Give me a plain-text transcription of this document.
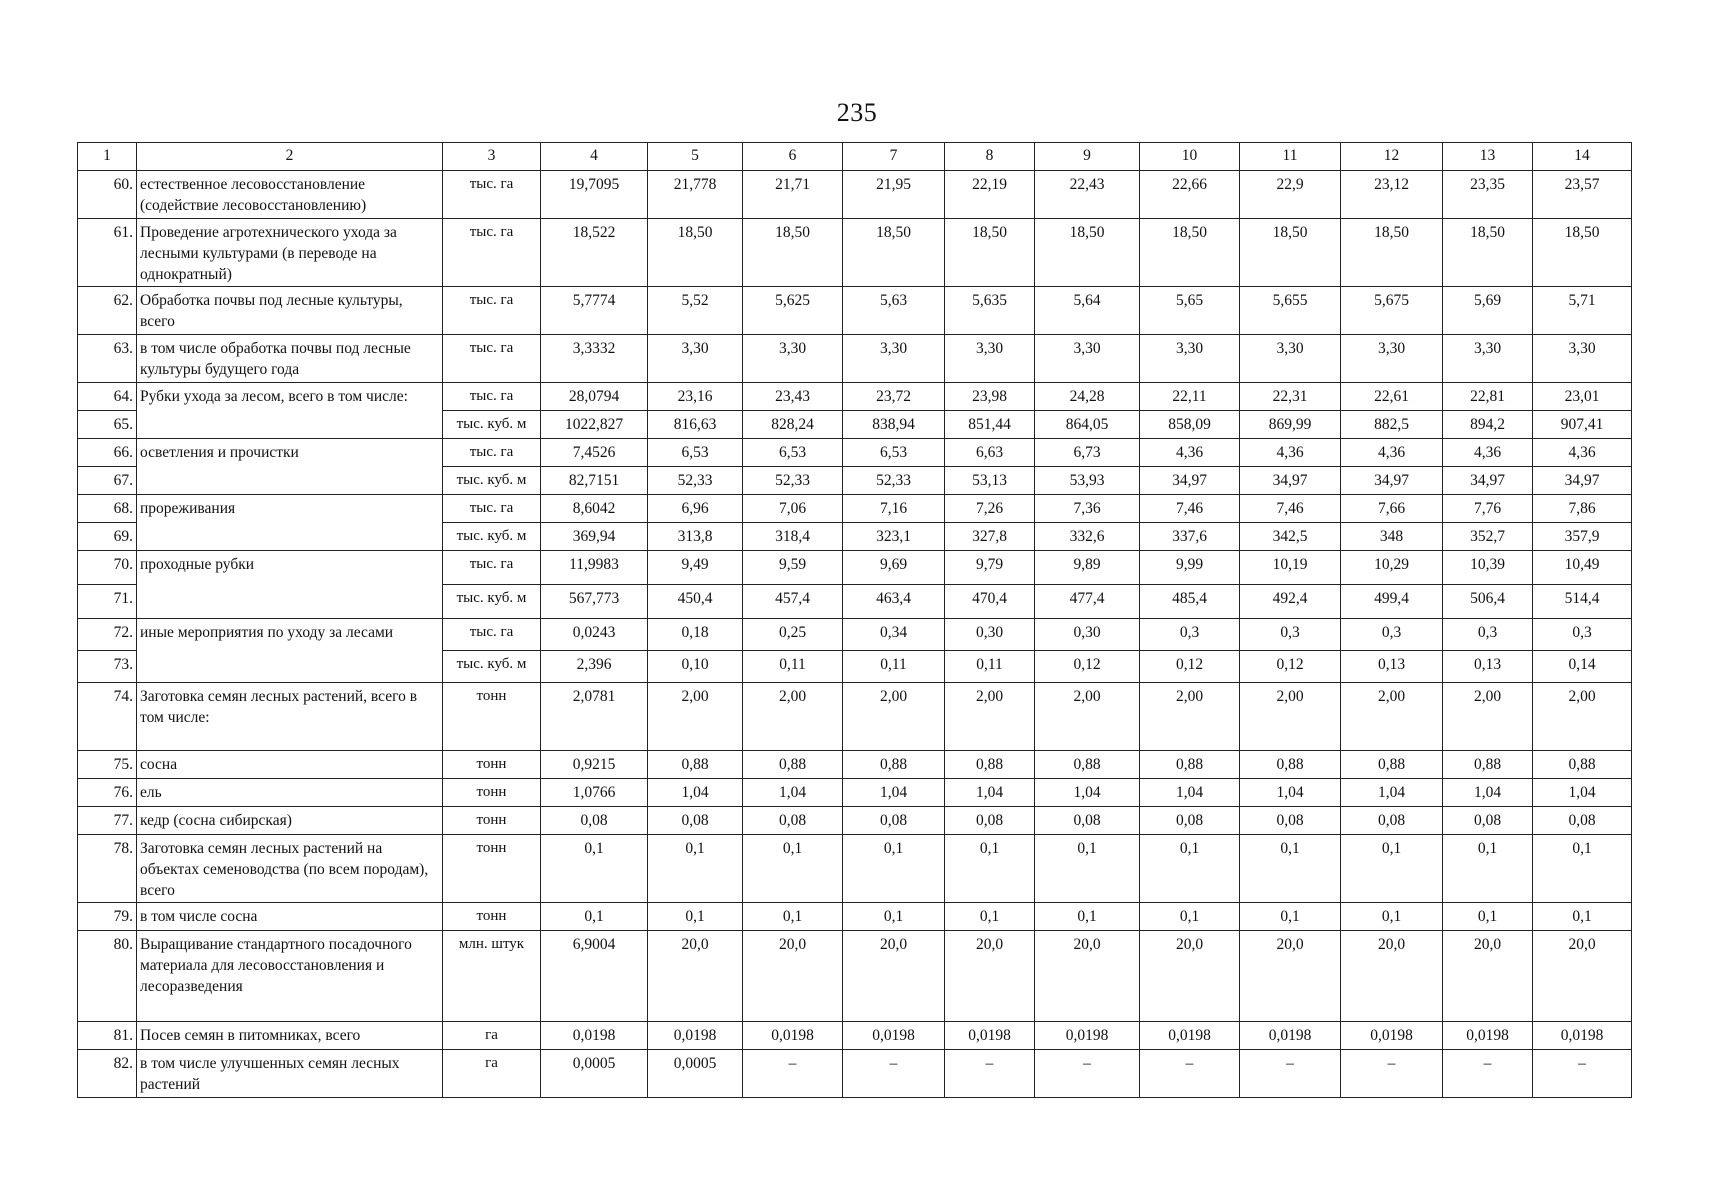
235
1	2	3	4	5	6	7	8	9	10	11	12	13	14
60.	естественное лесовосстановление (содействие лесовосстановлению)	тыс. га	19,7095	21,778	21,71	21,95	22,19	22,43	22,66	22,9	23,12	23,35	23,57
61.	Проведение агротехнического ухода за лесными культурами (в переводе на однократный)	тыс. га	18,522	18,50	18,50	18,50	18,50	18,50	18,50	18,50	18,50	18,50	18,50
62.	Обработка почвы под лесные культуры, всего	тыс. га	5,7774	5,52	5,625	5,63	5,635	5,64	5,65	5,655	5,675	5,69	5,71
63.	в том числе обработка почвы под лесные культуры будущего года	тыс. га	3,3332	3,30	3,30	3,30	3,30	3,30	3,30	3,30	3,30	3,30	3,30
64.	Рубки ухода за лесом, всего в том числе:	тыс. га	28,0794	23,16	23,43	23,72	23,98	24,28	22,11	22,31	22,61	22,81	23,01
65.		тыс. куб. м	1022,827	816,63	828,24	838,94	851,44	864,05	858,09	869,99	882,5	894,2	907,41
66.	осветления и прочистки	тыс. га	7,4526	6,53	6,53	6,53	6,63	6,73	4,36	4,36	4,36	4,36	4,36
67.		тыс. куб. м	82,7151	52,33	52,33	52,33	53,13	53,93	34,97	34,97	34,97	34,97	34,97
68.	прореживания	тыс. га	8,6042	6,96	7,06	7,16	7,26	7,36	7,46	7,46	7,66	7,76	7,86
69.		тыс. куб. м	369,94	313,8	318,4	323,1	327,8	332,6	337,6	342,5	348	352,7	357,9
70.	проходные рубки	тыс. га	11,9983	9,49	9,59	9,69	9,79	9,89	9,99	10,19	10,29	10,39	10,49
71.		тыс. куб. м	567,773	450,4	457,4	463,4	470,4	477,4	485,4	492,4	499,4	506,4	514,4
72.	иные мероприятия по уходу за лесами	тыс. га	0,0243	0,18	0,25	0,34	0,30	0,30	0,3	0,3	0,3	0,3	0,3
73.		тыс. куб. м	2,396	0,10	0,11	0,11	0,11	0,12	0,12	0,12	0,13	0,13	0,14
74.	Заготовка семян лесных растений, всего в том числе:	тонн	2,0781	2,00	2,00	2,00	2,00	2,00	2,00	2,00	2,00	2,00	2,00
75.	сосна	тонн	0,9215	0,88	0,88	0,88	0,88	0,88	0,88	0,88	0,88	0,88	0,88
76.	ель	тонн	1,0766	1,04	1,04	1,04	1,04	1,04	1,04	1,04	1,04	1,04	1,04
77.	кедр (сосна сибирская)	тонн	0,08	0,08	0,08	0,08	0,08	0,08	0,08	0,08	0,08	0,08	0,08
78.	Заготовка семян лесных растений на объектах семеноводства (по всем породам), всего	тонн	0,1	0,1	0,1	0,1	0,1	0,1	0,1	0,1	0,1	0,1	0,1
79.	в том числе сосна	тонн	0,1	0,1	0,1	0,1	0,1	0,1	0,1	0,1	0,1	0,1	0,1
80.	Выращивание стандартного посадочного материала для лесовосстановления и лесоразведения	млн. штук	6,9004	20,0	20,0	20,0	20,0	20,0	20,0	20,0	20,0	20,0	20,0
81.	Посев семян в питомниках, всего	га	0,0198	0,0198	0,0198	0,0198	0,0198	0,0198	0,0198	0,0198	0,0198	0,0198	0,0198
82.	в том числе улучшенных семян лесных растений	га	0,0005	0,0005	–	–	–	–	–	–	–	–	–
